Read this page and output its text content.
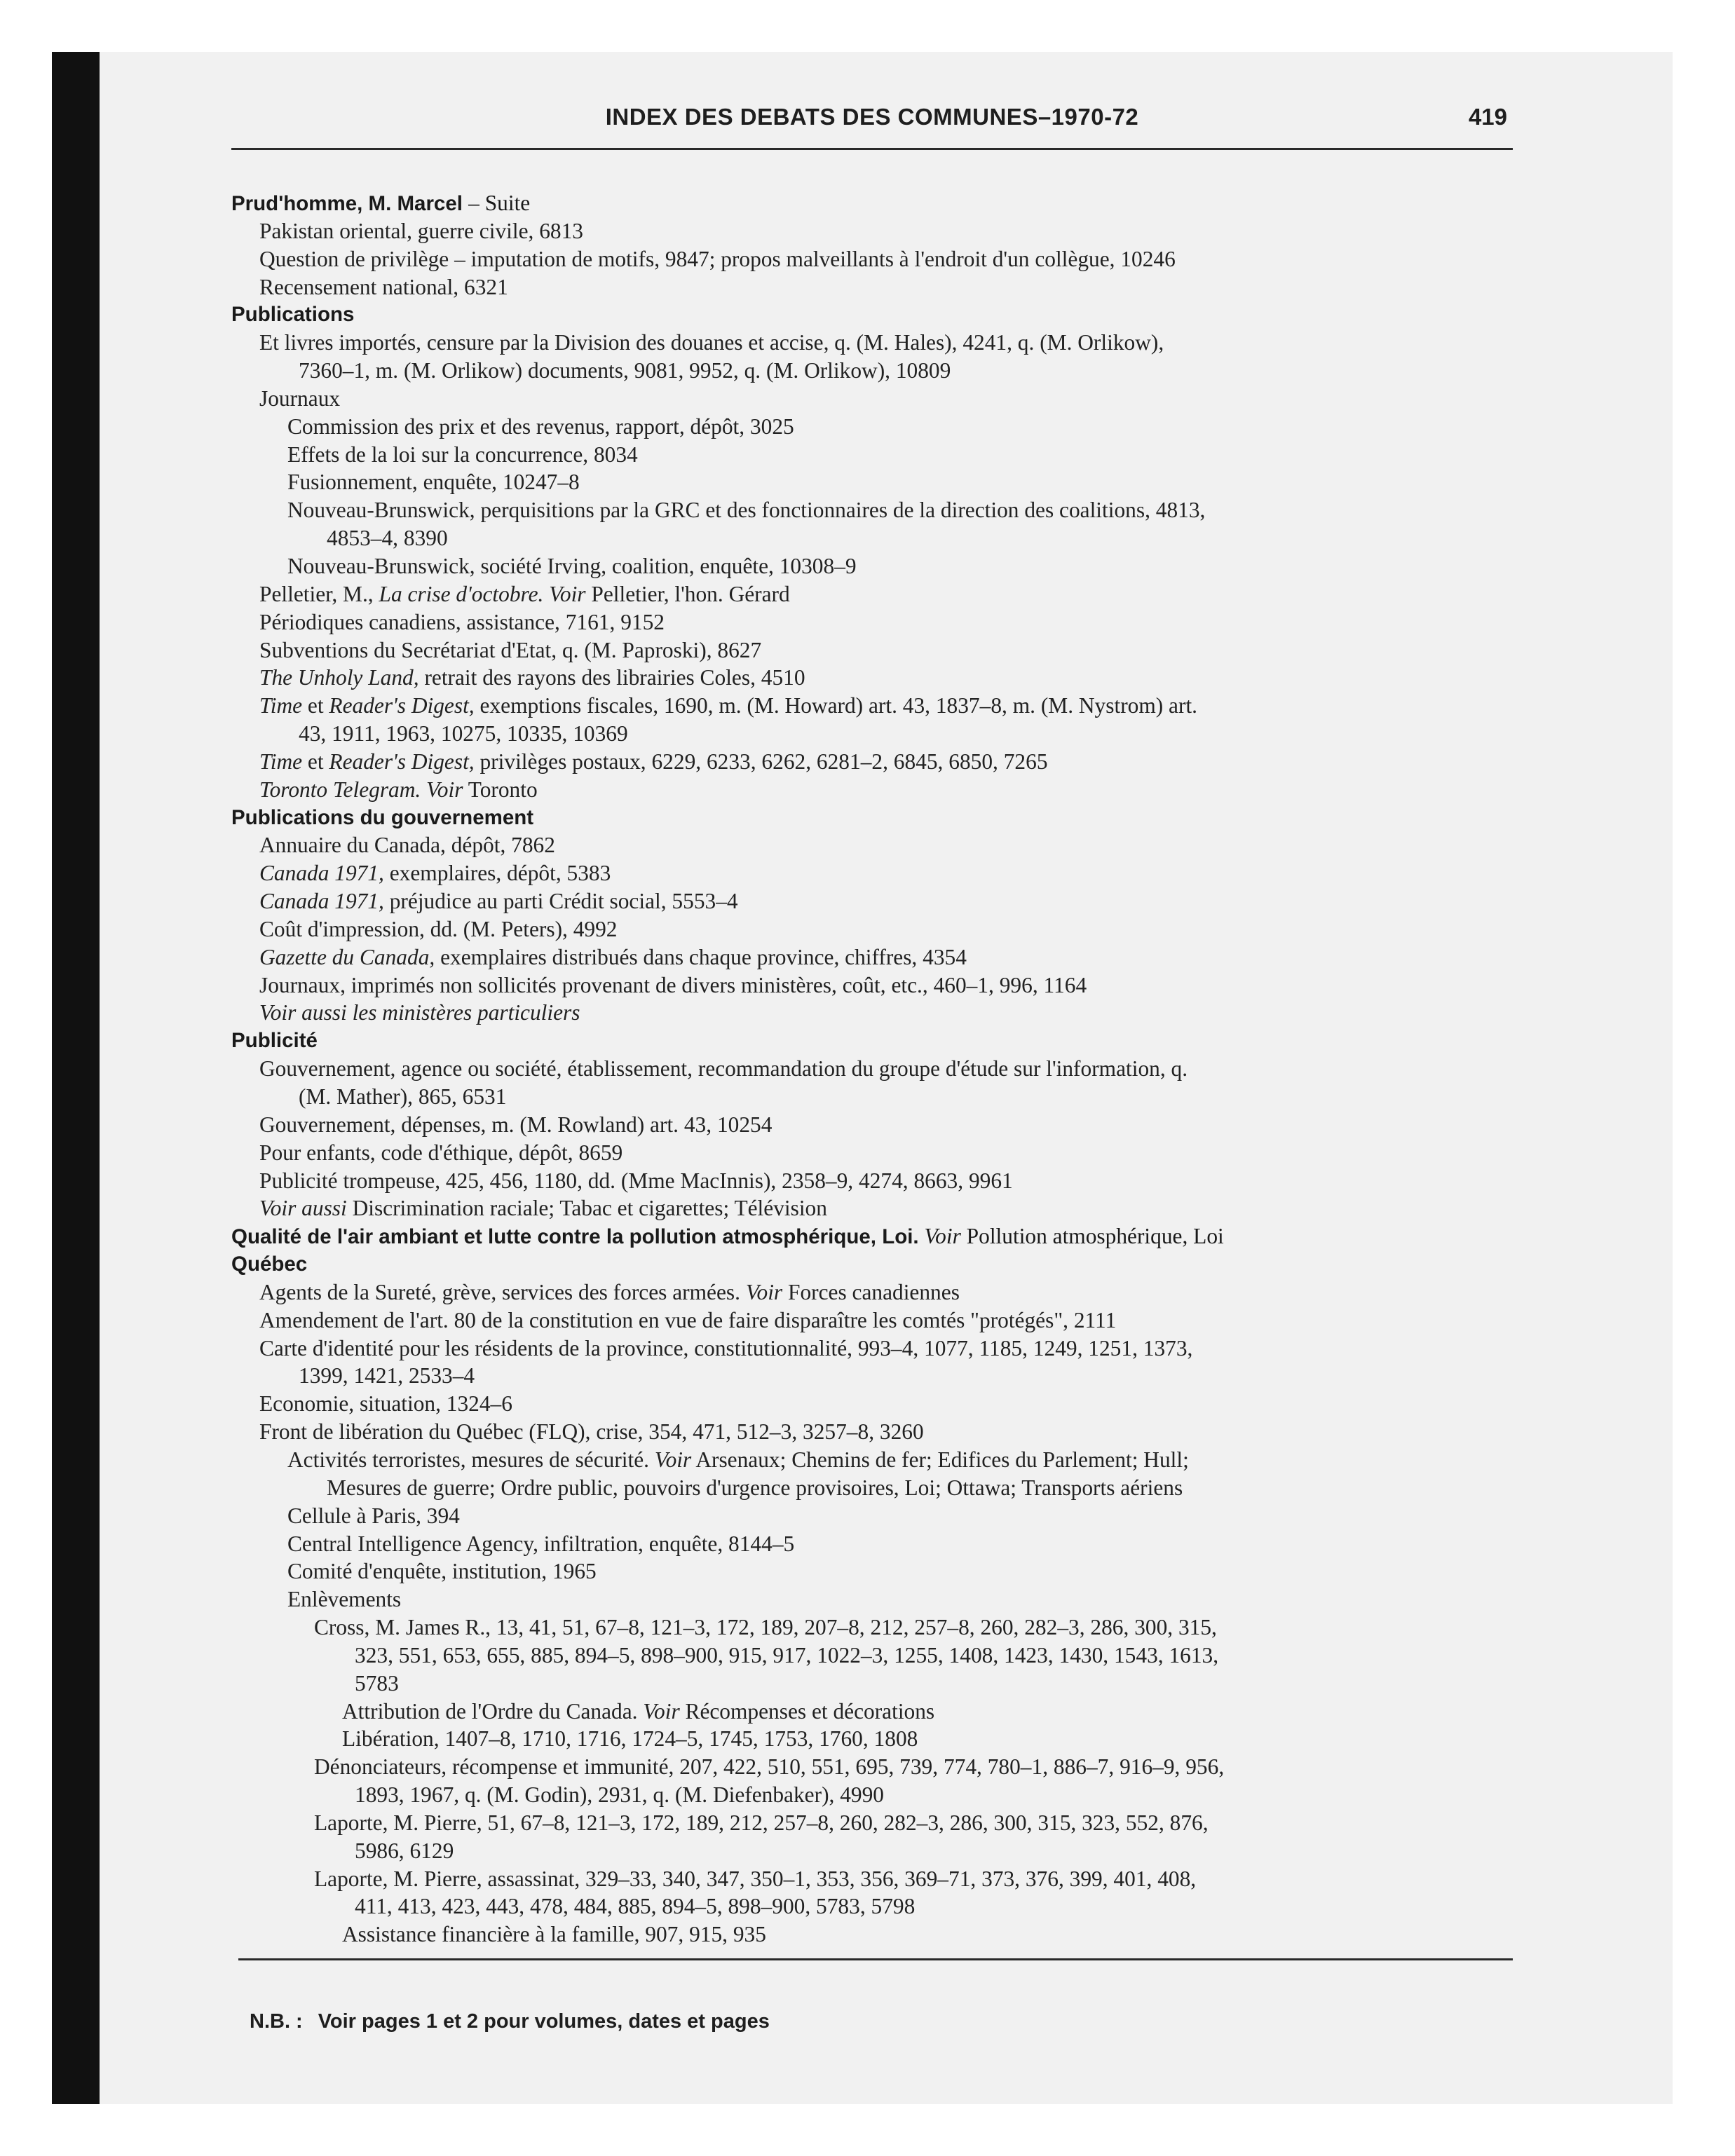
INDEX DES DEBATS DES COMMUNES–1970-72	419
Prud'homme, M. Marcel – Suite
Pakistan oriental, guerre civile, 6813
Question de privilège – imputation de motifs, 9847; propos malveillants à l'endroit d'un collègue, 10246
Recensement national, 6321
Publications
Et livres importés, censure par la Division des douanes et accise, q. (M. Hales), 4241, q. (M. Orlikow),
7360–1, m. (M. Orlikow) documents, 9081, 9952, q. (M. Orlikow), 10809
Journaux
Commission des prix et des revenus, rapport, dépôt, 3025
Effets de la loi sur la concurrence, 8034
Fusionnement, enquête, 10247–8
Nouveau-Brunswick, perquisitions par la GRC et des fonctionnaires de la direction des coalitions, 4813,
4853–4, 8390
Nouveau-Brunswick, société Irving, coalition, enquête, 10308–9
Pelletier, M., La crise d'octobre. Voir Pelletier, l'hon. Gérard
Périodiques canadiens, assistance, 7161, 9152
Subventions du Secrétariat d'Etat, q. (M. Paproski), 8627
The Unholy Land, retrait des rayons des librairies Coles, 4510
Time et Reader's Digest, exemptions fiscales, 1690, m. (M. Howard) art. 43, 1837–8, m. (M. Nystrom) art.
43, 1911, 1963, 10275, 10335, 10369
Time et Reader's Digest, privilèges postaux, 6229, 6233, 6262, 6281–2, 6845, 6850, 7265
Toronto Telegram. Voir Toronto
Publications du gouvernement
Annuaire du Canada, dépôt, 7862
Canada 1971, exemplaires, dépôt, 5383
Canada 1971, préjudice au parti Crédit social, 5553–4
Coût d'impression, dd. (M. Peters), 4992
Gazette du Canada, exemplaires distribués dans chaque province, chiffres, 4354
Journaux, imprimés non sollicités provenant de divers ministères, coût, etc., 460–1, 996, 1164
Voir aussi les ministères particuliers
Publicité
Gouvernement, agence ou société, établissement, recommandation du groupe d'étude sur l'information, q.
(M. Mather), 865, 6531
Gouvernement, dépenses, m. (M. Rowland) art. 43, 10254
Pour enfants, code d'éthique, dépôt, 8659
Publicité trompeuse, 425, 456, 1180, dd. (Mme MacInnis), 2358–9, 4274, 8663, 9961
Voir aussi Discrimination raciale; Tabac et cigarettes; Télévision
Qualité de l'air ambiant et lutte contre la pollution atmosphérique, Loi. Voir Pollution atmosphérique, Loi
Québec
Agents de la Sureté, grève, services des forces armées. Voir Forces canadiennes
Amendement de l'art. 80 de la constitution en vue de faire disparaître les comtés "protégés", 2111
Carte d'identité pour les résidents de la province, constitutionnalité, 993–4, 1077, 1185, 1249, 1251, 1373,
1399, 1421, 2533–4
Economie, situation, 1324–6
Front de libération du Québec (FLQ), crise, 354, 471, 512–3, 3257–8, 3260
Activités terroristes, mesures de sécurité. Voir Arsenaux; Chemins de fer; Edifices du Parlement; Hull;
Mesures de guerre; Ordre public, pouvoirs d'urgence provisoires, Loi; Ottawa; Transports aériens
Cellule à Paris, 394
Central Intelligence Agency, infiltration, enquête, 8144–5
Comité d'enquête, institution, 1965
Enlèvements
Cross, M. James R., 13, 41, 51, 67–8, 121–3, 172, 189, 207–8, 212, 257–8, 260, 282–3, 286, 300, 315,
323, 551, 653, 655, 885, 894–5, 898–900, 915, 917, 1022–3, 1255, 1408, 1423, 1430, 1543, 1613,
5783
Attribution de l'Ordre du Canada. Voir Récompenses et décorations
Libération, 1407–8, 1710, 1716, 1724–5, 1745, 1753, 1760, 1808
Dénonciateurs, récompense et immunité, 207, 422, 510, 551, 695, 739, 774, 780–1, 886–7, 916–9, 956,
1893, 1967, q. (M. Godin), 2931, q. (M. Diefenbaker), 4990
Laporte, M. Pierre, 51, 67–8, 121–3, 172, 189, 212, 257–8, 260, 282–3, 286, 300, 315, 323, 552, 876,
5986, 6129
Laporte, M. Pierre, assassinat, 329–33, 340, 347, 350–1, 353, 356, 369–71, 373, 376, 399, 401, 408,
411, 413, 423, 443, 478, 484, 885, 894–5, 898–900, 5783, 5798
Assistance financière à la famille, 907, 915, 935
N.B. : Voir pages 1 et 2 pour volumes, dates et pages
